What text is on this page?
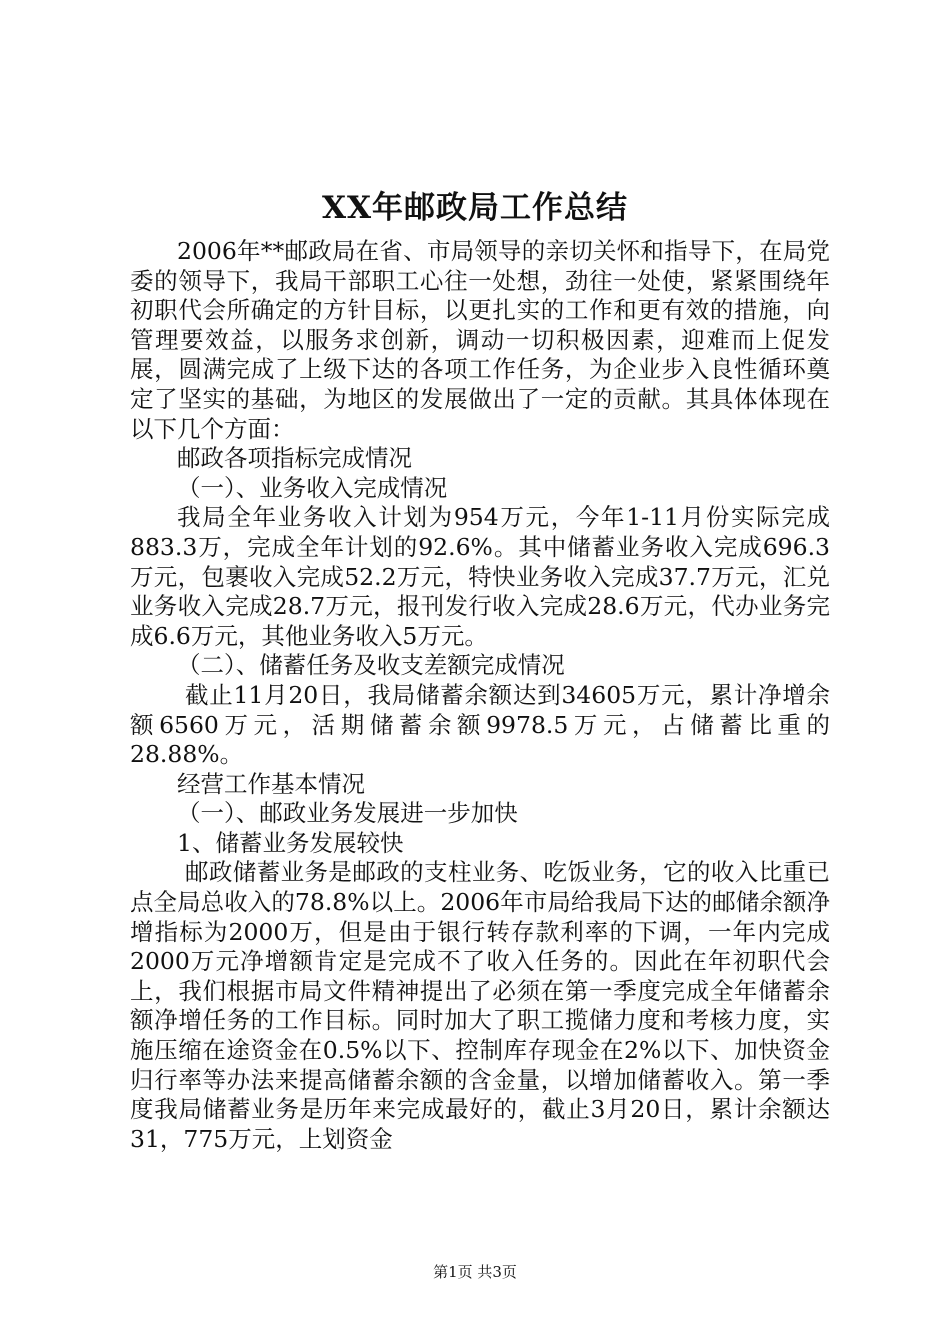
XX年邮政局工作总结

2006年**邮政局在省、市局领导的亲切关怀和指导下，在局党委的领导下，我局干部职工心往一处想，劲往一处使，紧紧围绕年初职代会所确定的方针目标，以更扎实的工作和更有效的措施，向管理要效益，以服务求创新，调动一切积极因素，迎难而上促发展，圆满完成了上级下达的各项工作任务，为企业步入良性循环奠定了坚实的基础，为地区的发展做出了一定的贡献。其具体体现在以下几个方面：

邮政各项指标完成情况

（一）、业务收入完成情况

我局全年业务收入计划为954万元，今年1-11月份实际完成883.3万，完成全年计划的92.6%。其中储蓄业务收入完成696.3万元，包裹收入完成52.2万元，特快业务收入完成37.7万元，汇兑业务收入完成28.7万元，报刊发行收入完成28.6万元，代办业务完成6.6万元，其他业务收入5万元。

（二）、储蓄任务及收支差额完成情况

截止11月20日，我局储蓄余额达到34605万元，累计净增余额6560万元，活期储蓄余额9978.5万元，占储蓄比重的28.88%。

经营工作基本情况

（一）、邮政业务发展进一步加快

1、储蓄业务发展较快

邮政储蓄业务是邮政的支柱业务、吃饭业务，它的收入比重已点全局总收入的78.8%以上。2006年市局给我局下达的邮储余额净增指标为2000万，但是由于银行转存款利率的下调，一年内完成2000万元净增额肯定是完成不了收入任务的。因此在年初职代会上，我们根据市局文件精神提出了必须在第一季度完成全年储蓄余额净增任务的工作目标。同时加大了职工揽储力度和考核力度，实施压缩在途资金在0.5%以下、控制库存现金在2%以下、加快资金归行率等办法来提高储蓄余额的含金量，以增加储蓄收入。第一季度我局储蓄业务是历年来完成最好的，截止3月20日，累计余额达31，775万元，上划资金

第1页 共3页
